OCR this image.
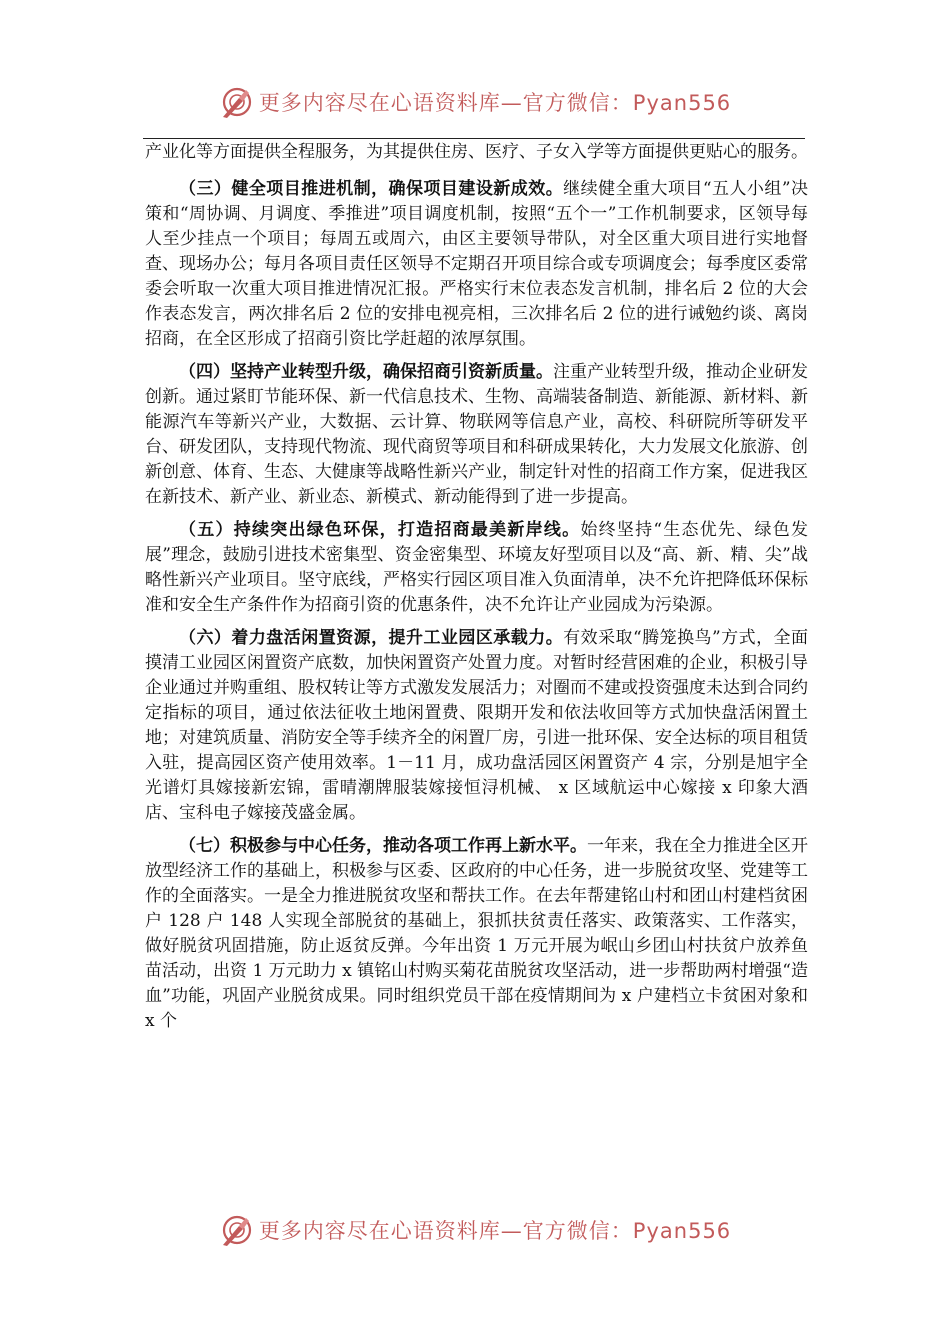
更多内容尽在心语资料库—官方微信：Pyan556

产业化等方面提供全程服务，为其提供住房、医疗、子女入学等方面提供更贴心的服务。

（三）健全项目推进机制，确保项目建设新成效。继续健全重大项目“五人小组”决策和“周协调、月调度、季推进”项目调度机制，按照“五个一”工作机制要求，区领导每人至少挂点一个项目；每周五或周六，由区主要领导带队，对全区重大项目进行实地督查、现场办公；每月各项目责任区领导不定期召开项目综合或专项调度会；每季度区委常委会听取一次重大项目推进情况汇报。严格实行末位表态发言机制，排名后 2 位的大会作表态发言，两次排名后 2 位的安排电视亮相，三次排名后 2 位的进行诫勉约谈、离岗招商，在全区形成了招商引资比学赶超的浓厚氛围。

（四）坚持产业转型升级，确保招商引资新质量。注重产业转型升级，推动企业研发创新。通过紧盯节能环保、新一代信息技术、生物、高端装备制造、新能源、新材料、新能源汽车等新兴产业，大数据、云计算、物联网等信息产业，高校、科研院所等研发平台、研发团队，支持现代物流、现代商贸等项目和科研成果转化，大力发展文化旅游、创新创意、体育、生态、大健康等战略性新兴产业，制定针对性的招商工作方案，促进我区在新技术、新产业、新业态、新模式、新动能得到了进一步提高。

（五）持续突出绿色环保，打造招商最美新岸线。始终坚持“生态优先、绿色发展”理念，鼓励引进技术密集型、资金密集型、环境友好型项目以及“高、新、精、尖”战略性新兴产业项目。坚守底线，严格实行园区项目准入负面清单，决不允许把降低环保标准和安全生产条件作为招商引资的优惠条件，决不允许让产业园成为污染源。

（六）着力盘活闲置资源，提升工业园区承载力。有效采取“腾笼换鸟”方式，全面摸清工业园区闲置资产底数，加快闲置资产处置力度。对暂时经营困难的企业，积极引导企业通过并购重组、股权转让等方式激发发展活力；对圈而不建或投资强度未达到合同约定指标的项目，通过依法征收土地闲置费、限期开发和依法收回等方式加快盘活闲置土地；对建筑质量、消防安全等手续齐全的闲置厂房，引进一批环保、安全达标的项目租赁入驻，提高园区资产使用效率。1－11 月，成功盘活园区闲置资产 4 宗，分别是旭宇全光谱灯具嫁接新宏锦，雷晴潮牌服装嫁接恒浔机械、 x 区域航运中心嫁接 x 印象大酒店、宝科电子嫁接茂盛金属。

（七）积极参与中心任务，推动各项工作再上新水平。一年来，我在全力推进全区开放型经济工作的基础上，积极参与区委、区政府的中心任务，进一步脱贫攻坚、党建等工作的全面落实。一是全力推进脱贫攻坚和帮扶工作。在去年帮建铭山村和团山村建档贫困户 128 户 148 人实现全部脱贫的基础上，狠抓扶贫责任落实、政策落实、工作落实，做好脱贫巩固措施，防止返贫反弹。今年出资 1 万元开展为岷山乡团山村扶贫户放养鱼苗活动，出资 1 万元助力 x 镇铭山村购买菊花苗脱贫攻坚活动，进一步帮助两村增强“造血”功能，巩固产业脱贫成果。同时组织党员干部在疫情期间为 x 户建档立卡贫困对象和 x 个

更多内容尽在心语资料库—官方微信：Pyan556
